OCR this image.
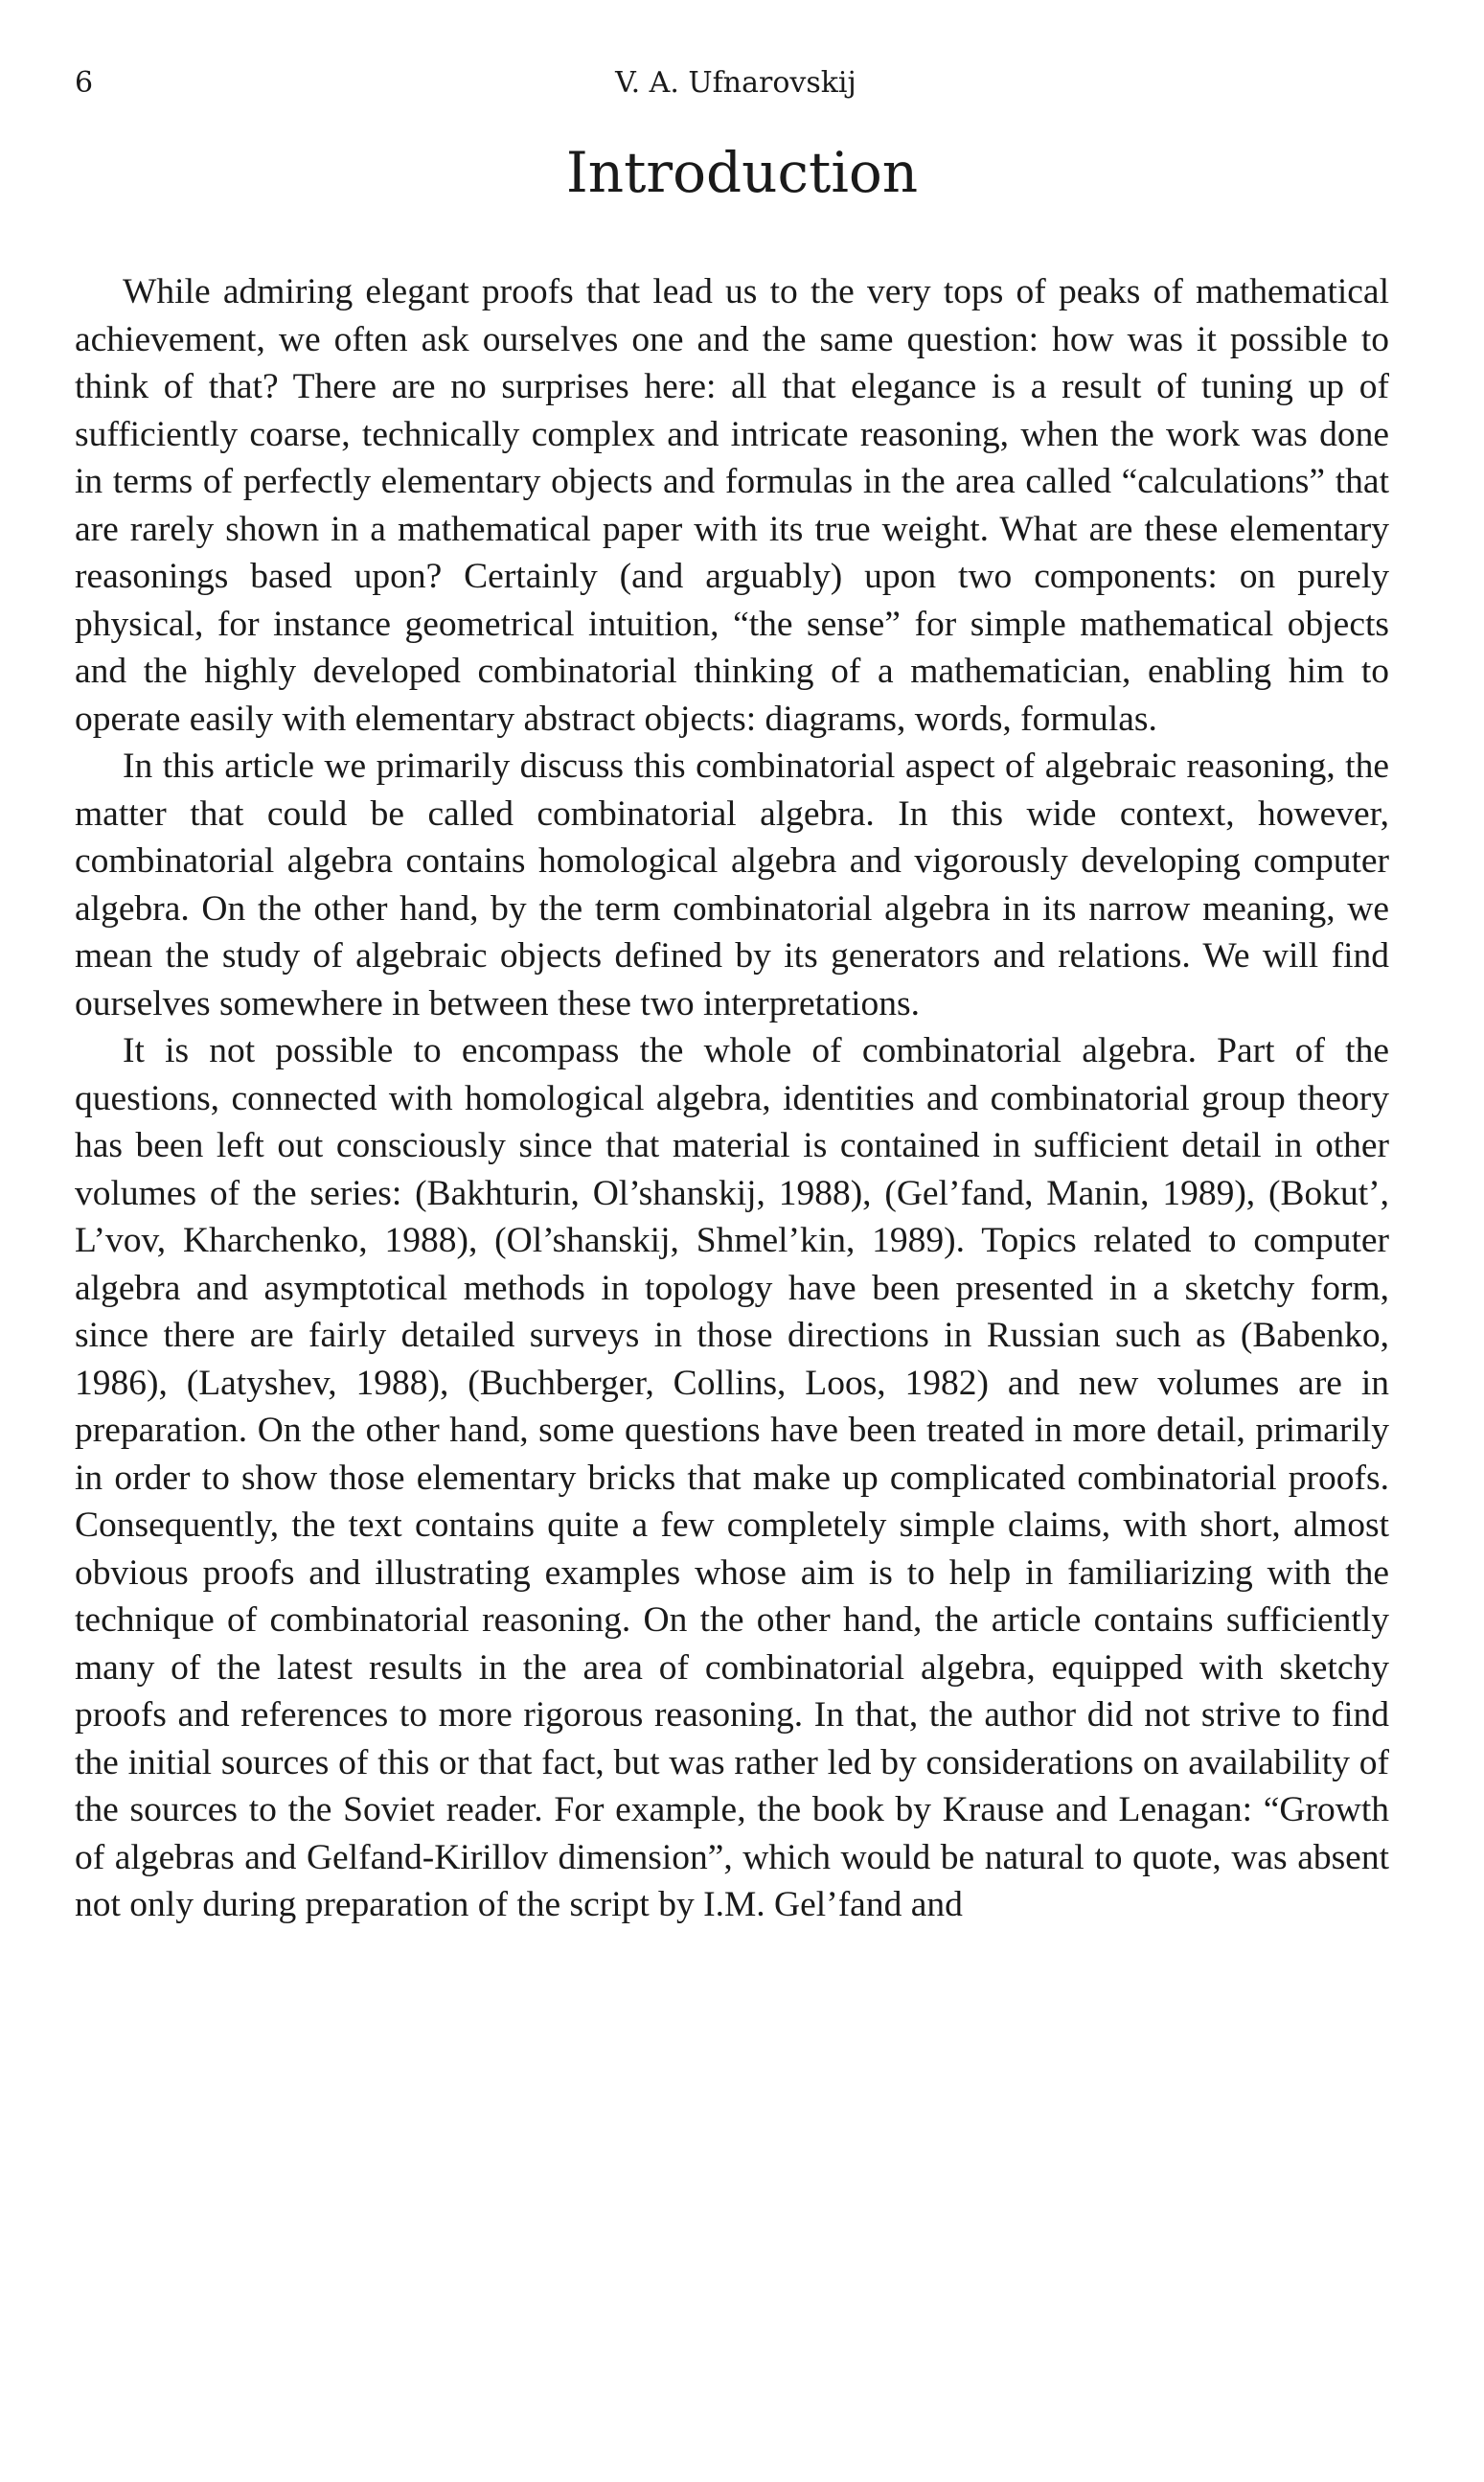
6	V. A. Ufnarovskij
Introduction

While admiring elegant proofs that lead us to the very tops of peaks of mathematical achievement, we often ask ourselves one and the same question: how was it possible to think of that? There are no surprises here: all that elegance is a result of tuning up of sufficiently coarse, technically complex and intricate reasoning, when the work was done in terms of perfectly elementary objects and formulas in the area called “calculations” that are rarely shown in a mathematical paper with its true weight. What are these elementary reasonings based upon? Certainly (and arguably) upon two components: on purely physical, for instance geometrical intuition, “the sense” for simple mathematical objects and the highly developed combinatorial thinking of a mathematician, enabling him to operate easily with elementary abstract objects: diagrams, words, formulas.

In this article we primarily discuss this combinatorial aspect of algebraic reasoning, the matter that could be called combinatorial algebra. In this wide context, however, combinatorial algebra contains homological algebra and vigorously developing computer algebra. On the other hand, by the term combinatorial algebra in its narrow meaning, we mean the study of algebraic objects defined by its generators and relations. We will find ourselves somewhere in between these two interpretations.

It is not possible to encompass the whole of combinatorial algebra. Part of the questions, connected with homological algebra, identities and combinatorial group theory has been left out consciously since that material is contained in sufficient detail in other volumes of the series: (Bakhturin, Ol’shanskij, 1988), (Gel’fand, Manin, 1989), (Bokut’, L’vov, Kharchenko, 1988), (Ol’shanskij, Shmel’kin, 1989). Topics related to computer algebra and asymptotical methods in topology have been presented in a sketchy form, since there are fairly detailed surveys in those directions in Russian such as (Babenko, 1986), (Latyshev, 1988), (Buchberger, Collins, Loos, 1982) and new volumes are in preparation. On the other hand, some questions have been treated in more detail, primarily in order to show those elementary bricks that make up complicated combinatorial proofs. Consequently, the text contains quite a few completely simple claims, with short, almost obvious proofs and illustrating examples whose aim is to help in familiarizing with the technique of combinatorial reasoning. On the other hand, the article contains sufficiently many of the latest results in the area of combinatorial algebra, equipped with sketchy proofs and references to more rigorous reasoning. In that, the author did not strive to find the initial sources of this or that fact, but was rather led by considerations on availability of the sources to the Soviet reader. For example, the book by Krause and Lenagan: “Growth of algebras and Gelfand-Kirillov dimension”, which would be natural to quote, was absent not only during preparation of the script by I.M. Gel’fand and
